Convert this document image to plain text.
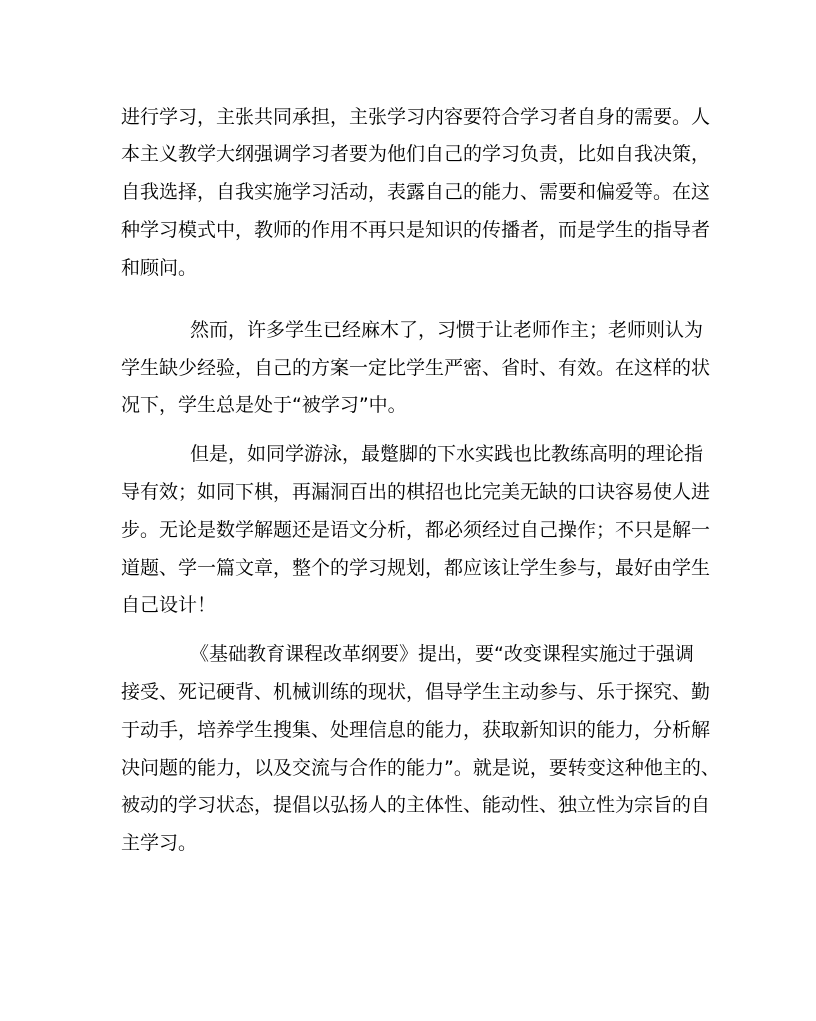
进行学习，主张共同承担，主张学习内容要符合学习者自身的需要。人
本主义教学大纲强调学习者要为他们自己的学习负责，比如自我决策，
自我选择，自我实施学习活动，表露自己的能力、需要和偏爱等。在这
种学习模式中，教师的作用不再只是知识的传播者，而是学生的指导者
和顾问。
然而，许多学生已经麻木了，习惯于让老师作主；老师则认为
学生缺少经验，自己的方案一定比学生严密、省时、有效。在这样的状
况下，学生总是处于“被学习”中。
但是，如同学游泳，最蹩脚的下水实践也比教练高明的理论指
导有效；如同下棋，再漏洞百出的棋招也比完美无缺的口诀容易使人进
步。无论是数学解题还是语文分析，都必须经过自己操作；不只是解一
道题、学一篇文章，整个的学习规划，都应该让学生参与，最好由学生
自己设计！
《基础教育课程改革纲要》提出，要“改变课程实施过于强调
接受、死记硬背、机械训练的现状，倡导学生主动参与、乐于探究、勤
于动手，培养学生搜集、处理信息的能力，获取新知识的能力，分析解
决问题的能力，以及交流与合作的能力”。就是说，要转变这种他主的、
被动的学习状态，提倡以弘扬人的主体性、能动性、独立性为宗旨的自
主学习。
